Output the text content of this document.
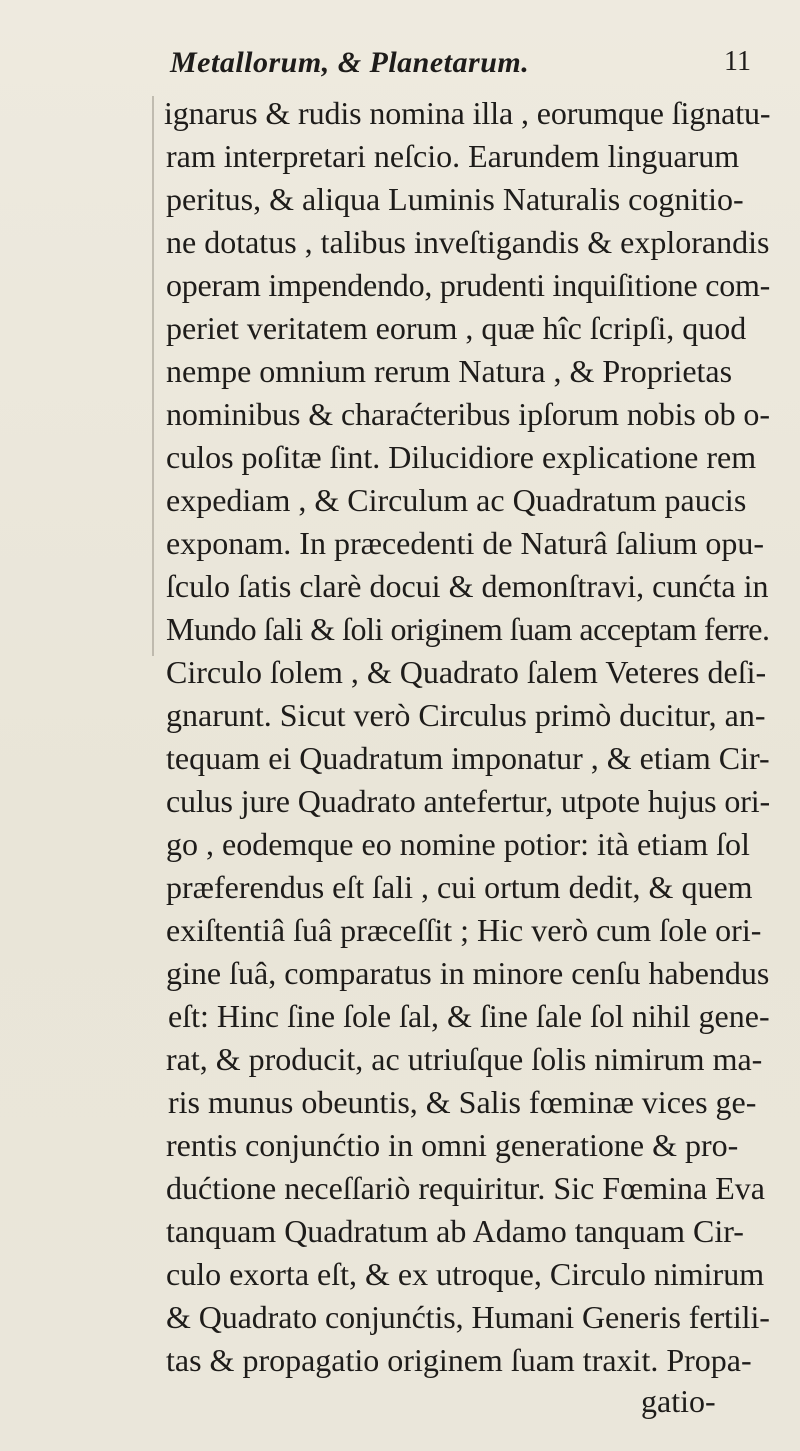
Metallorum, & Planetarum.	11
ignarus & rudis nomina illa , eorumque ſignatu-
ram interpretari neſcio. Earundem linguarum
peritus, & aliqua Luminis Naturalis cognitio-
ne dotatus , talibus inveſtigandis & explorandis
operam impendendo, prudenti inquiſitione com-
periet veritatem eorum , quæ hîc ſcripſi, quod
nempe omnium rerum Natura , & Proprietas
nominibus & charaćteribus ipſorum nobis ob o-
culos poſitæ ſint. Dilucidiore explicatione rem
expediam , & Circulum ac Quadratum paucis
exponam. In præcedenti de Naturâ ſalium opu-
ſculo ſatis clarè docui & demonſtravi, cunćta in
Mundo ſali & ſoli originem ſuam acceptam ferre.
Circulo ſolem , & Quadrato ſalem Veteres deſi-
gnarunt. Sicut verò Circulus primò ducitur, an-
tequam ei Quadratum imponatur , & etiam Cir-
culus jure Quadrato antefertur, utpote hujus ori-
go , eodemque eo nomine potior: ità etiam ſol
præferendus eſt ſali , cui ortum dedit, & quem
exiſtentiâ ſuâ præceſſit ; Hic verò cum ſole ori-
gine ſuâ, comparatus in minore cenſu habendus
eſt: Hinc ſine ſole ſal, & ſine ſale ſol nihil gene-
rat, & producit, ac utriuſque ſolis nimirum ma-
ris munus obeuntis, & Salis fœminæ vices ge-
rentis conjunćtio in omni generatione & pro-
dućtione neceſſariò requiritur. Sic Fœmina Eva
tanquam Quadratum ab Adamo tanquam Cir-
culo exorta eſt, & ex utroque, Circulo nimirum
& Quadrato conjunćtis, Humani Generis fertili-
tas & propagatio originem ſuam traxit. Propa-
gatio-
